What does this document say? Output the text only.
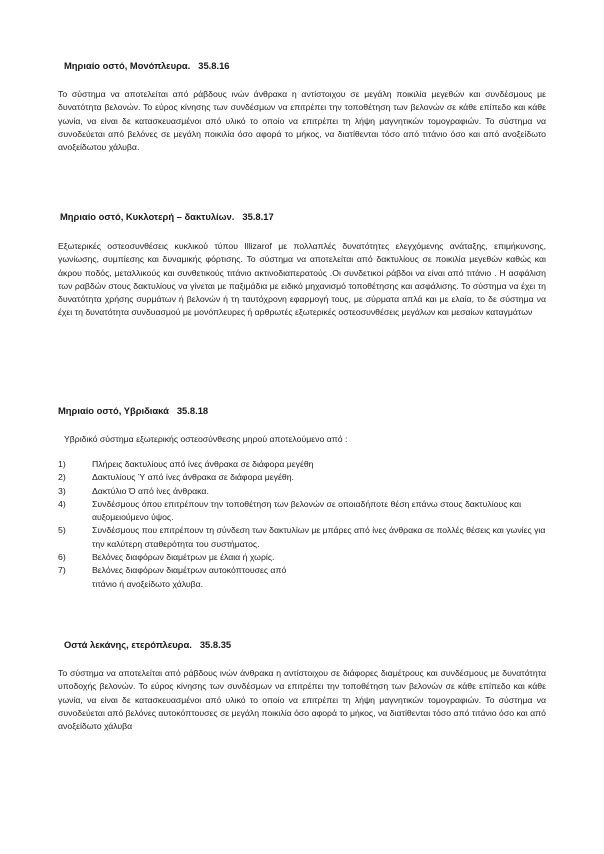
Μηριαίο οστό, Μονόπλευρα. 35.8.16

Το σύστημα να αποτελείται από ράβδους ινών άνθρακα η αντίστοιχου σε μεγάλη ποικιλία μεγεθών και συνδέσμους με δυνατότητα βελονών. Το εύρος κίνησης των συνδέσμων να επιτρέπει την τοποθέτηση των βελονών σε κάθε επίπεδο και κάθε γωνία, να είναι δε κατασκευασμένοι από υλικό το οποίο να επιτρέπει τη λήψη μαγνητικών τομογραφιών. Το σύστημα να συνοδεύεται από βελόνες σε μεγάλη ποικιλία όσο αφορά το μήκος, να διατίθενται τόσο από τιτάνιο όσο και από ανοξείδωτο ανοξείδωτου χάλυβα.

Μηριαίο οστό, Κυκλοτερή – δακτυλίων. 35.8.17

Εξωτερικές οστεοσυνθέσεις κυκλικού τύπου Illizarof με πολλαπλές δυνατότητες ελεγχόμενης ανάταξης, επιμήκυνσης, γωνίωσης, συμπίεσης και δυναμικής φόρτισης. Το σύστημα να αποτελείται από δακτυλίους σε ποικιλία μεγεθών καθώς και άκρου ποδός, μεταλλικούς και συνθετικούς τιτάνιο ακτινοδιαπερατούς .Οι συνδετικοί ράβδοι να είναι από τιτάνιο . Η ασφάλιση των ραβδών στους δακτυλίους να γίνεται με παξιμάδια με ειδικό μηχανισμό τοποθέτησης και ασφάλισης. Το σύστημα να έχει τη δυνατότητα χρήσης συρμάτων ή βελονών ή τη ταυτόχρονη εφαρμογή τους, με σύρματα απλά και με ελαία, το δε σύστημα να έχει τη δυνατότητα συνδυασμού με μονόπλευρες ή αρθρωτές εξωτερικές οστεοσυνθέσεις μεγάλων και μεσαίων καταγμάτων

Μηριαίο οστό, Υβριδιακά 35.8.18
Υβριδικό σύστημα εξωτερικής οστεοσύνθεσης μηρού αποτελούμενο από :
1)	Πλήρεις δακτυλίους από ίνες άνθρακα σε διάφορα μεγέθη
2)	Δακτυλίους Ύ από ίνες άνθρακα σε διάφορα μεγέθη.
3)	Δακτύλιο Ό από ίνες άνθρακα.
4)	Συνδέσμους όπου επιτρέπουν την τοποθέτηση των βελονών σε οποιαδήποτε θέση επάνω στους δακτυλίους και αυξομειούμενο ύψος.
5)	Συνδέσμους που επιτρέπουν τη σύνδεση των δακτυλίων με μπάρες από ίνες άνθρακα σε πολλές θέσεις και γωνίες για την καλύτερη σταθερότητα του συστήματος.
6)	Βελόνες διαφόρων διαμέτρων με έλαια ή χωρίς.
7)	Βελόνες διαφόρων διαμέτρων αυτοκόπτουσες από τιτάνιο ή ανοξείδωτο χάλυβα.
Οστά λεκάνης, ετερόπλευρα. 35.8.35

Το σύστημα να αποτελείται από ράβδους ινών άνθρακα η αντίστοιχου σε διάφορες διαμέτρους και συνδέσμους με δυνατότητα υποδοχής βελονών. Το εύρος κίνησης των συνδέσμων να επιτρέπει την τοποθέτηση των βελονών σε κάθε επίπεδο και κάθε γωνία, να είναι δε κατασκευασμένοι από υλικό το οποίο να επιτρέπει τη λήψη μαγνητικών τομογραφιών. Το σύστημα να συνοδεύεται από βελόνες αυτοκόπτουσες σε μεγάλη ποικιλία όσο αφορά το μήκος, να διατίθενται τόσο από τιτάνιο όσο και από ανοξείδωτο χάλυβα
